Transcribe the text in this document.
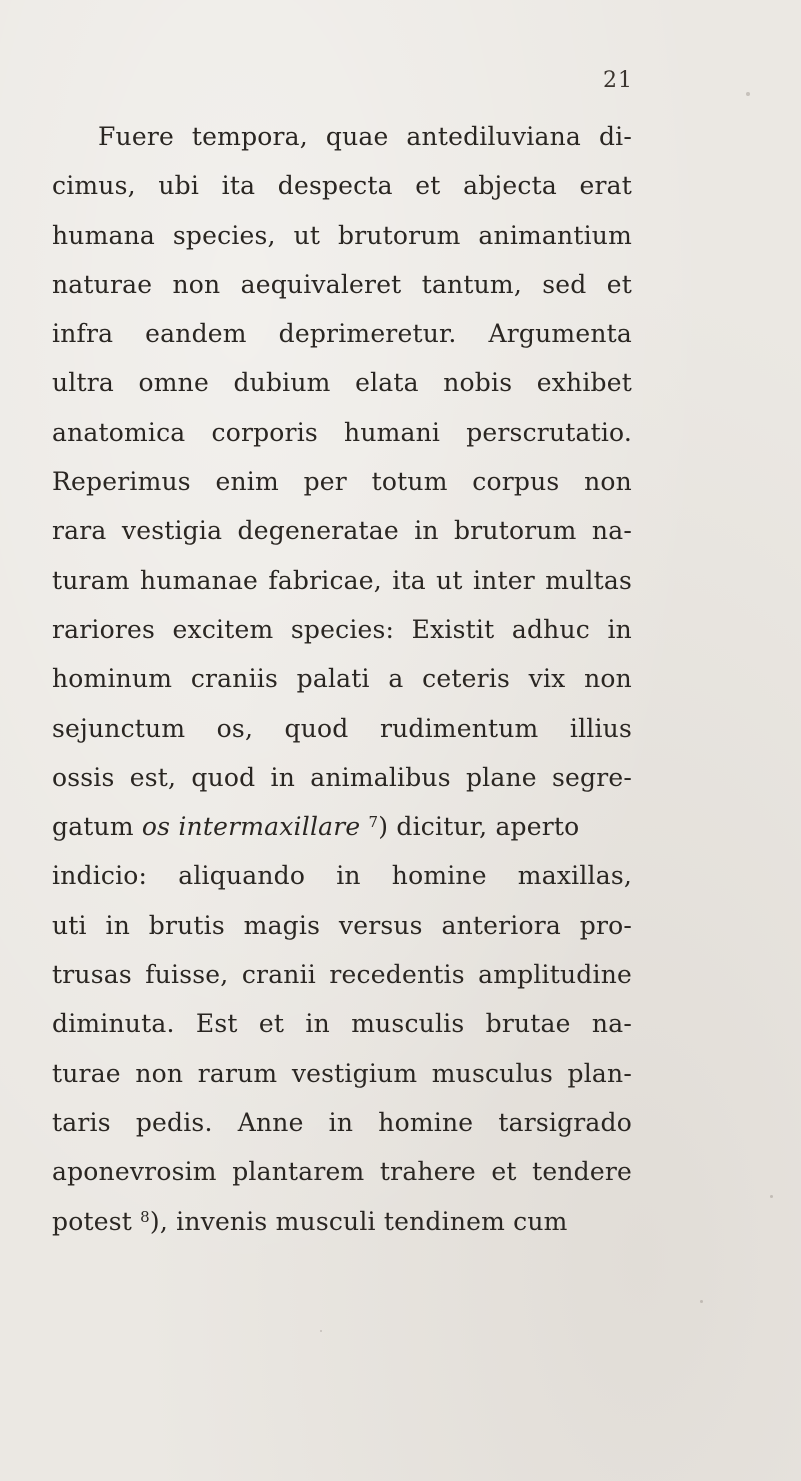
21
Fuere tempora, quae antediluviana di-
cimus, ubi ita despecta et abjecta erat
humana species, ut brutorum animantium
naturae non aequivaleret tantum, sed et
infra eandem deprimeretur. Argumenta
ultra omne dubium elata nobis exhibet
anatomica corporis humani perscrutatio.
Reperimus enim per totum corpus non
rara vestigia degeneratae in brutorum na-
turam humanae fabricae, ita ut inter multas
rariores excitem species: Existit adhuc in
hominum craniis palati a ceteris vix non
sejunctum os, quod rudimentum illius
ossis est, quod in animalibus plane segre-
gatum os intermaxillare $^7$) dicitur, aperto
indicio: aliquando in homine maxillas,
uti in brutis magis versus anteriora pro-
trusas fuisse, cranii recedentis amplitudine
diminuta. Est et in musculis brutae na-
turae non rarum vestigium musculus plan-
taris pedis. Anne in homine tarsigrado
aponevrosim plantarem trahere et tendere
potest $^8$), invenis musculi tendinem cum
